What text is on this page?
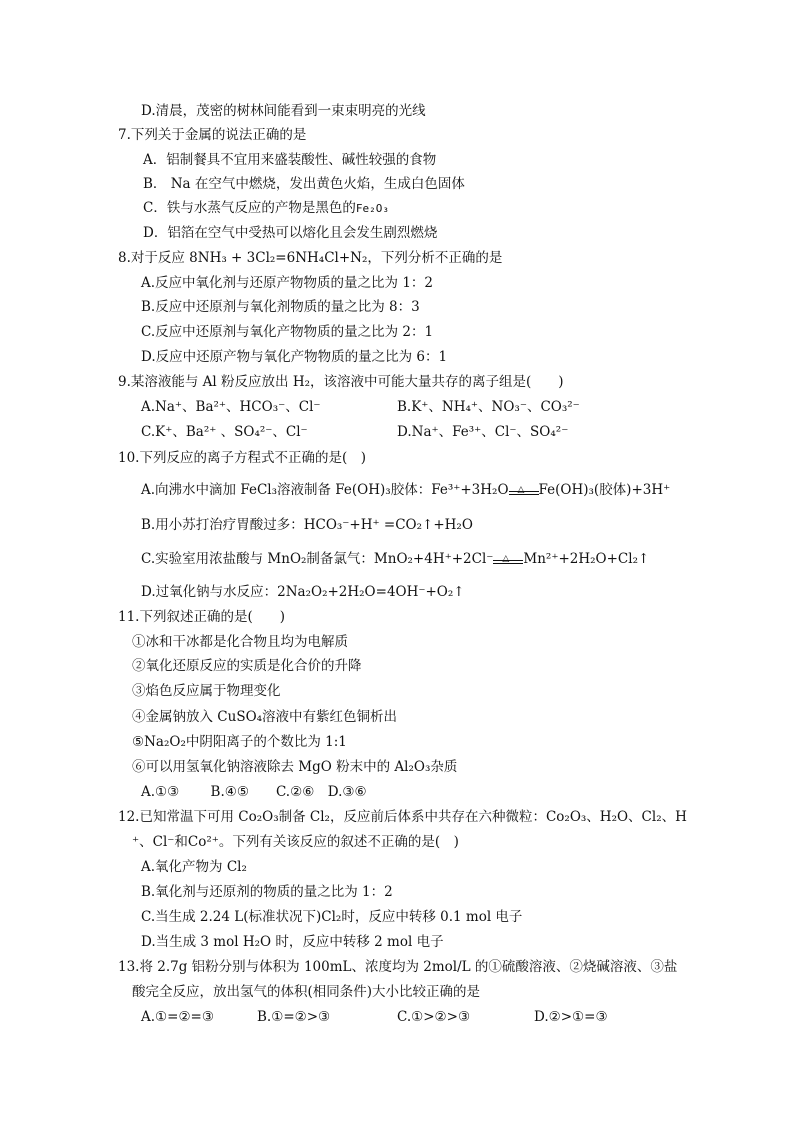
D.清晨，茂密的树林间能看到一束束明亮的光线
7.下列关于金属的说法正确的是
A．铝制餐具不宜用来盛装酸性、碱性较强的食物
B． Na 在空气中燃烧，发出黄色火焰，生成白色固体
C．铁与水蒸气反应的产物是黑色的Fe₂O₃
D．铝箔在空气中受热可以熔化且会发生剧烈燃烧
8.对于反应 8NH₃ + 3Cl₂=6NH₄Cl+N₂，下列分析不正确的是
A.反应中氧化剂与还原产物物质的量之比为 1：2
B.反应中还原剂与氧化剂物质的量之比为 8：3
C.反应中还原剂与氧化产物物质的量之比为 2：1
D.反应中还原产物与氧化产物物质的量之比为 6：1
9.某溶液能与 Al 粉反应放出 H₂，该溶液中可能大量共存的离子组是(　　)
A.Na⁺、Ba²⁺、HCO₃⁻、Cl⁻	B.K⁺、NH₄⁺、NO₃⁻、CO₃²⁻
C.K⁺、Ba²⁺ 、SO₄²⁻、Cl⁻	D.Na⁺、Fe³⁺、Cl⁻、SO₄²⁻
10.下列反应的离子方程式不正确的是(　)
A.向沸水中滴加 FeCl₃溶液制备 Fe(OH)₃胶体：Fe³⁺+3H₂O △ Fe(OH)₃(胶体)+3H⁺
B.用小苏打治疗胃酸过多：HCO₃⁻+H⁺ =CO₂↑+H₂O
C.实验室用浓盐酸与 MnO₂制备氯气：MnO₂+4H⁺+2Cl⁻ △ Mn²⁺+2H₂O+Cl₂↑
D.过氧化钠与水反应：2Na₂O₂+2H₂O=4OH⁻+O₂↑
11.下列叙述正确的是(　　)
①冰和干冰都是化合物且均为电解质
②氧化还原反应的实质是化合价的升降
③焰色反应属于物理变化
④金属钠放入 CuSO₄溶液中有紫红色铜析出
⑤Na₂O₂中阴阳离子的个数比为 1:1
⑥可以用氢氧化钠溶液除去 MgO 粉末中的 Al₂O₃杂质
A.①③　　 B.④⑤　　C.②⑥　D.③⑥
12.已知常温下可用 Co₂O₃制备 Cl₂，反应前后体系中共存在六种微粒：Co₂O₃、H₂O、Cl₂、H
⁺、Cl⁻和Co²⁺。下列有关该反应的叙述不正确的是(　)
A.氧化产物为 Cl₂
B.氧化剂与还原剂的物质的量之比为 1：2
C.当生成 2.24 L(标准状况下)Cl₂时，反应中转移 0.1 mol 电子
D.当生成 3 mol H₂O 时，反应中转移 2 mol 电子
13.将 2.7g 铝粉分别与体积为 100mL、浓度均为 2mol/L 的①硫酸溶液、②烧碱溶液、③盐
酸完全反应，放出氢气的体积(相同条件)大小比较正确的是
A.①=②=③	B.①=②>③	C.①>②>③	D.②>①=③
